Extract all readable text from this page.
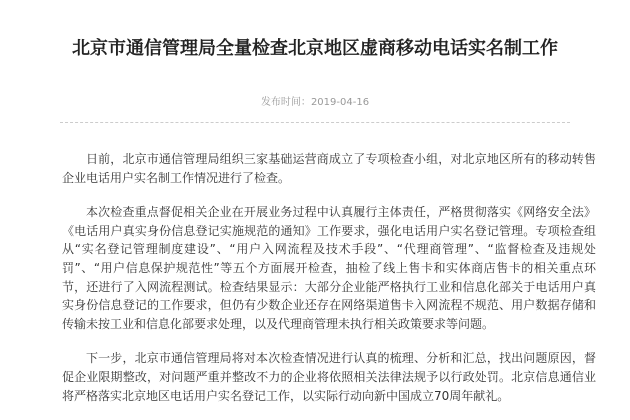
北京市通信管理局全量检查北京地区虚商移动电话实名制工作
发布时间：2019-04-16

日前，北京市通信管理局组织三家基础运营商成立了专项检查小组，对北京地区所有的移动转售企业电话用户实名制工作情况进行了检查。

本次检查重点督促相关企业在开展业务过程中认真履行主体责任，严格贯彻落实《网络安全法》《电话用户真实身份信息登记实施规范的通知》工作要求，强化电话用户实名登记管理。专项检查组从“实名登记管理制度建设”、“用户入网流程及技术手段”、“代理商管理”、“监督检查及违规处罚”、“用户信息保护规范性”等五个方面展开检查，抽检了线上售卡和实体商店售卡的相关重点环节，还进行了入网流程测试。检查结果显示：大部分企业能严格执行工业和信息化部关于电话用户真实身份信息登记的工作要求，但仍有少数企业还存在网络渠道售卡入网流程不规范、用户数据存储和传输未按工业和信息化部要求处理，以及代理商管理未执行相关政策要求等问题。

下一步，北京市通信管理局将对本次检查情况进行认真的梳理、分析和汇总，找出问题原因，督促企业限期整改，对问题严重并整改不力的企业将依照相关法律法规予以行政处罚。北京信息通信业将严格落实北京地区电话用户实名登记工作，以实际行动向新中国成立70周年献礼。
